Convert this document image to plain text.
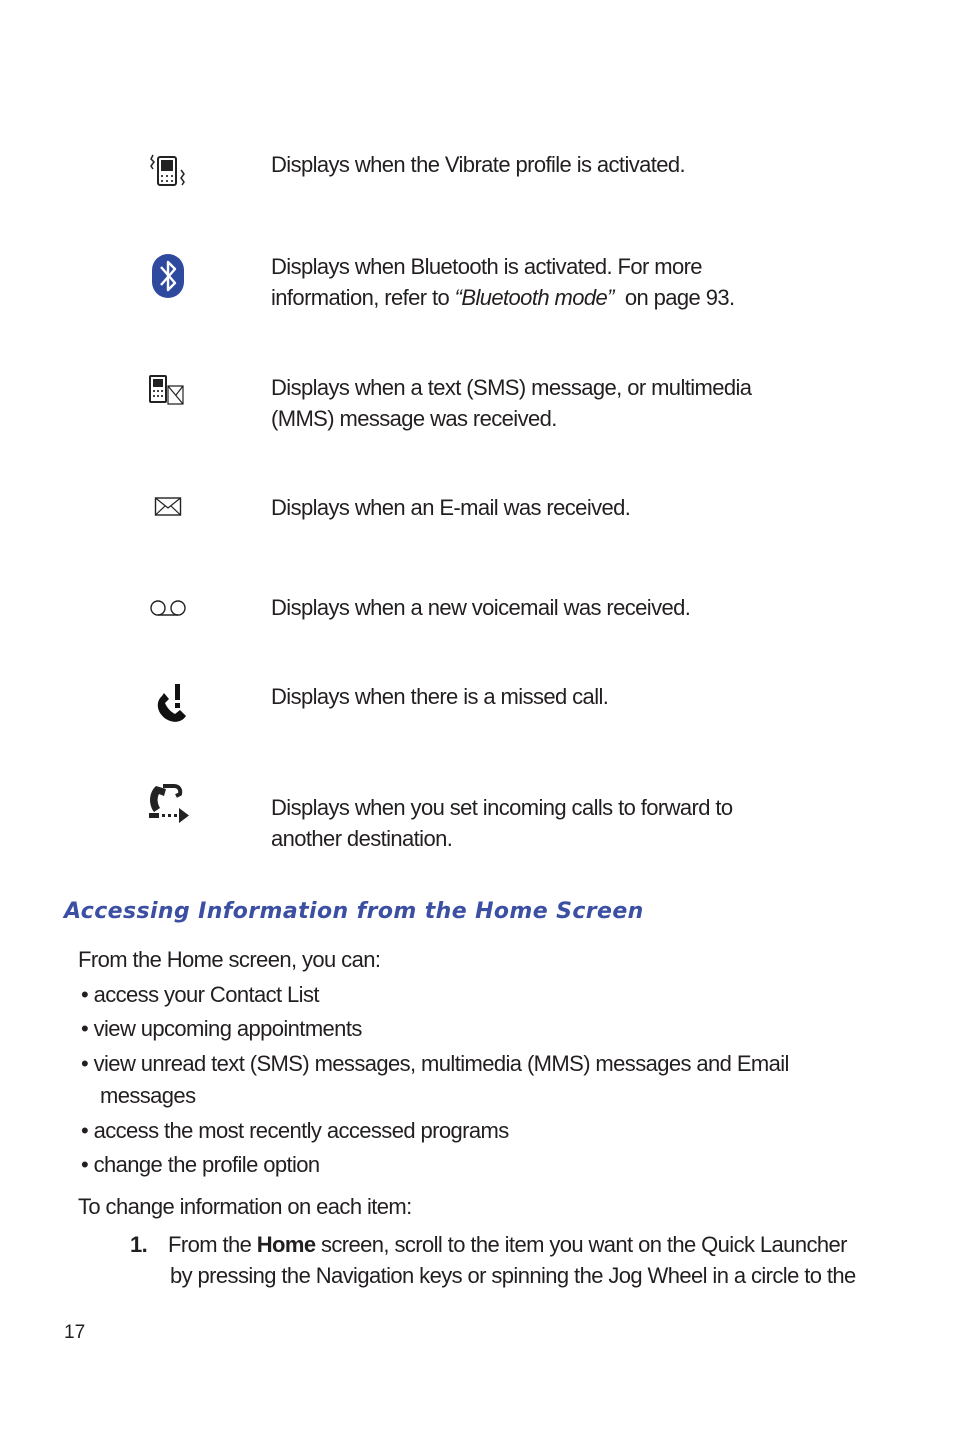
Displays when the Vibrate profile is activated.
Displays when Bluetooth is activated. For more information, refer to “Bluetooth mode”  on page 93.
Displays when a text (SMS) message, or multimedia (MMS) message was received.
Displays when an E-mail was received.
Displays when a new voicemail was received.
Displays when there is a missed call.
Displays when you set incoming calls to forward to another destination.
Accessing Information from the Home Screen
From the Home screen, you can:
• access your Contact List
• view upcoming appointments
• view unread text (SMS) messages, multimedia (MMS) messages and Email
messages
• access the most recently accessed programs
• change the profile option
To change information on each item:
1. From the Home screen, scroll to the item you want on the Quick Launcher
by pressing the Navigation keys or spinning the Jog Wheel in a circle to the
17
